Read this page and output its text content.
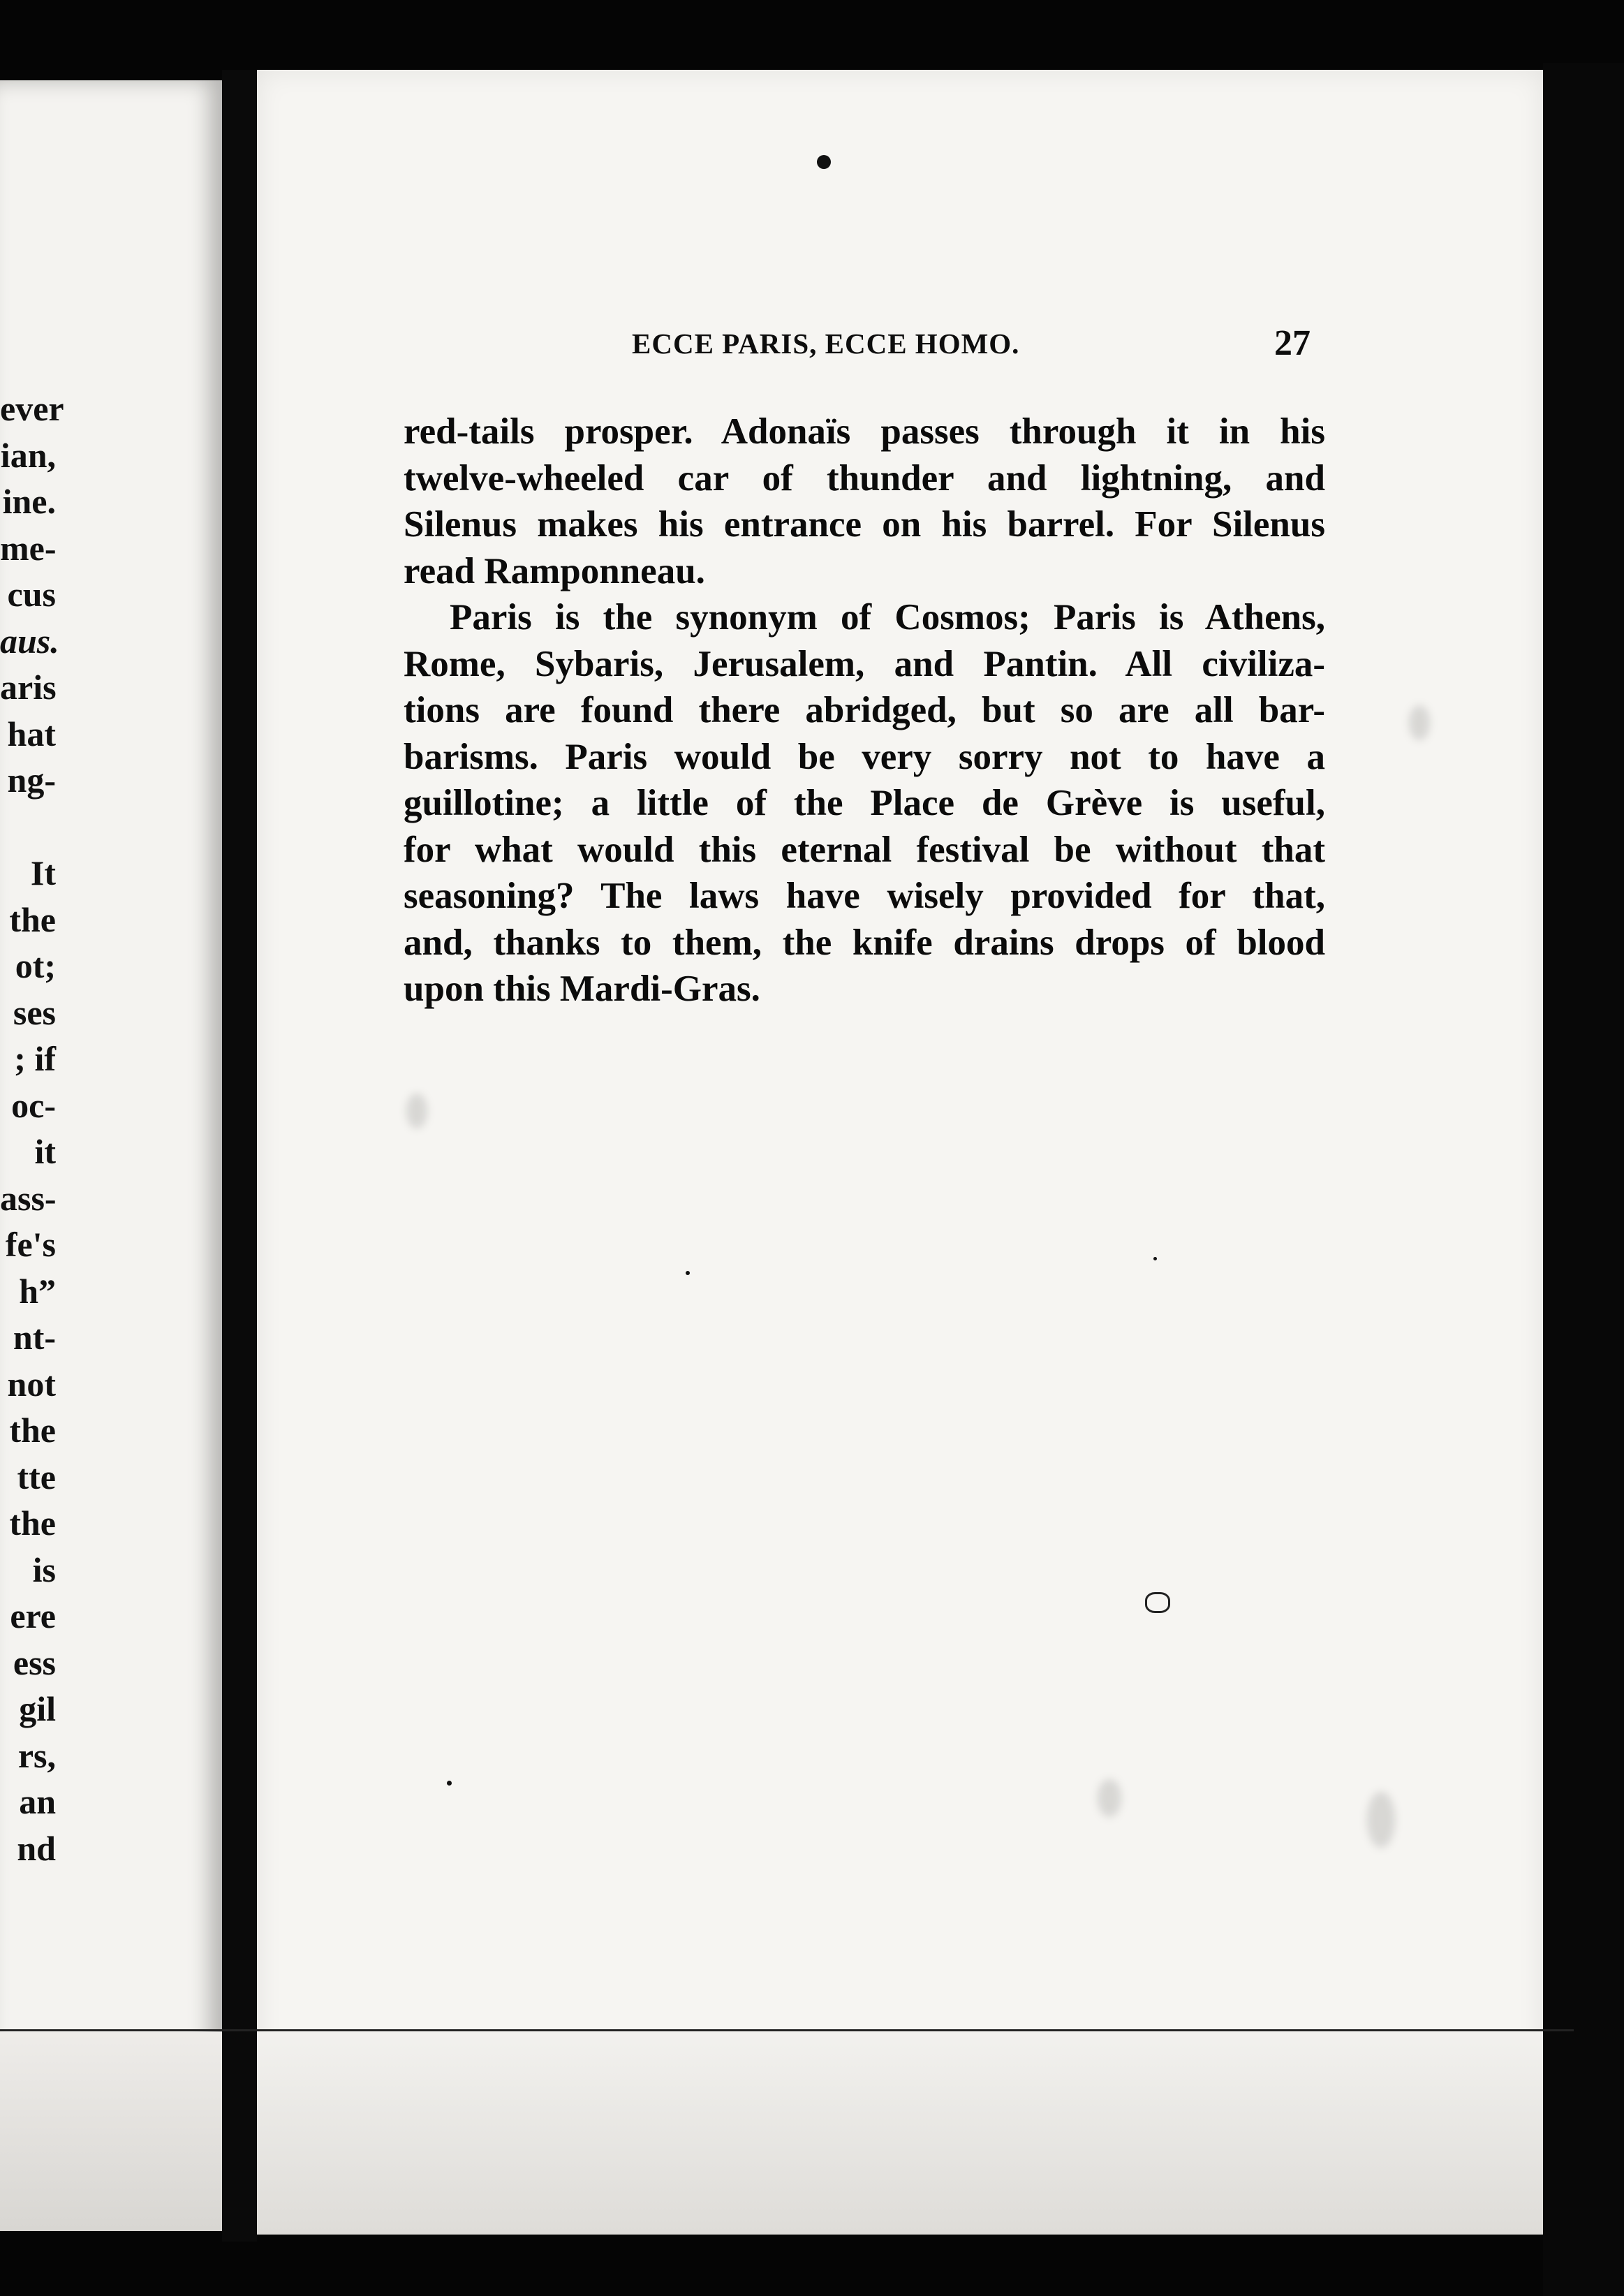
ever
ian,
ine.
me-
cus
aus.
aris
hat
ng-

It
the
ot;
ses
; if
oc-
it
ass-
fe's
h”
nt-
not
the
tte
the
is
ere
ess
gil
rs,
an
nd
ECCE PARIS, ECCE HOMO.	27
red-tails prosper. Adonaïs passes through it in his
twelve-wheeled car of thunder and lightning, and
Silenus makes his entrance on his barrel. For Silenus
read Ramponneau.
Paris is the synonym of Cosmos; Paris is Athens,
Rome, Sybaris, Jerusalem, and Pantin. All civiliza-
tions are found there abridged, but so are all bar-
barisms. Paris would be very sorry not to have a
guillotine; a little of the Place de Grève is useful,
for what would this eternal festival be without that
seasoning? The laws have wisely provided for that,
and, thanks to them, the knife drains drops of blood
upon this Mardi-Gras.
